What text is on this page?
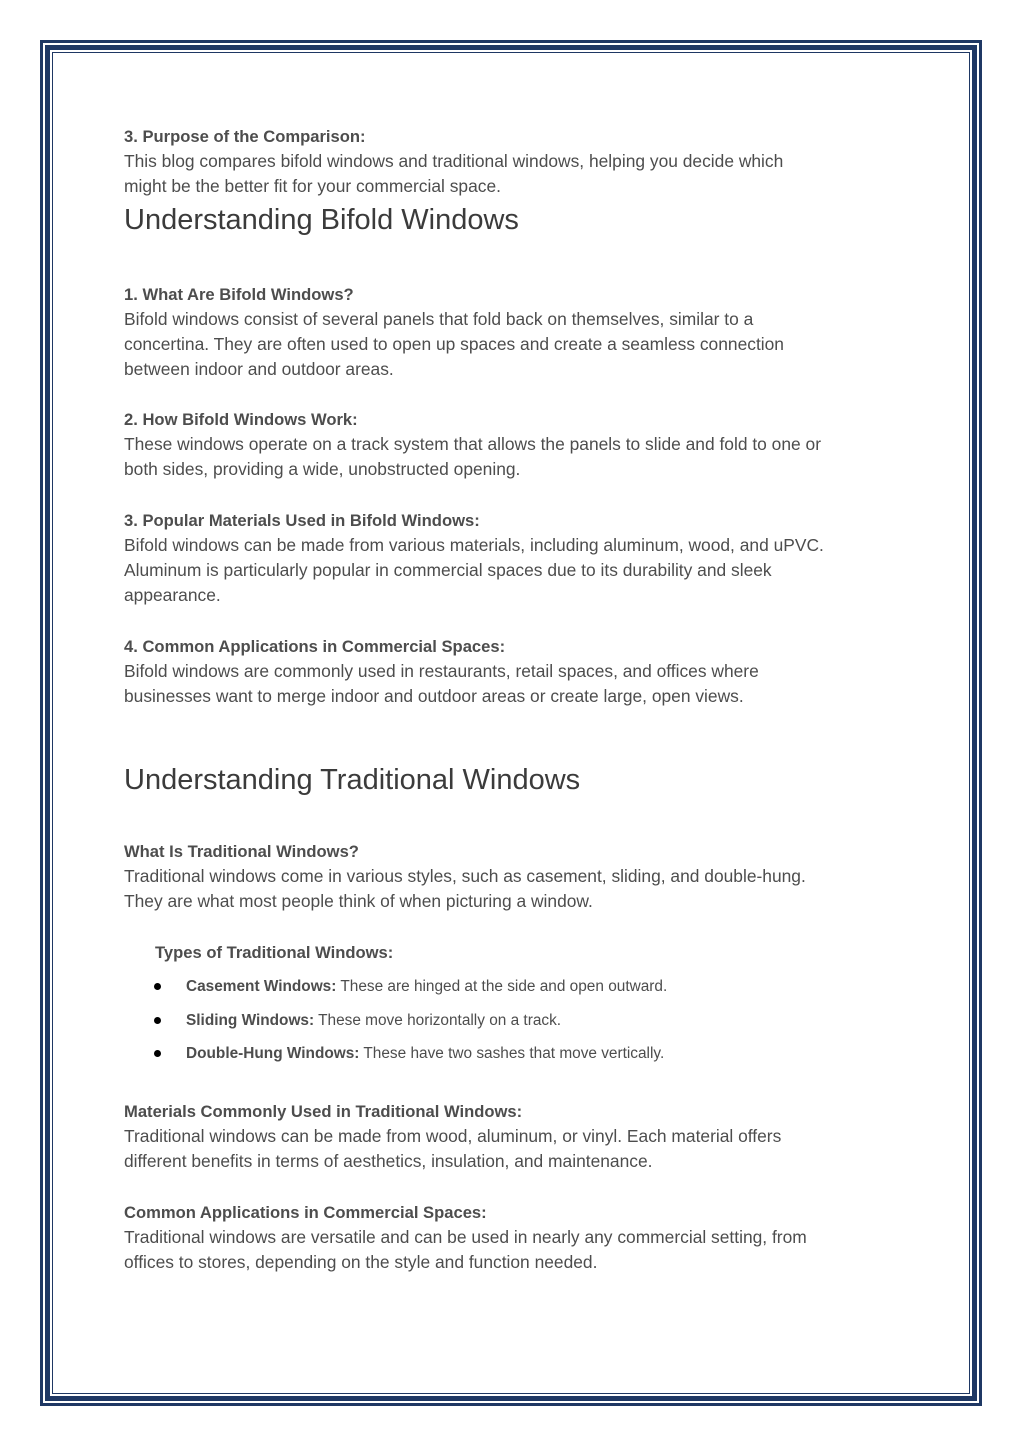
3. Purpose of the Comparison:

This blog compares bifold windows and traditional windows, helping you decide which

might be the better fit for your commercial space.

Understanding Bifold Windows

1. What Are Bifold Windows?

Bifold windows consist of several panels that fold back on themselves, similar to a

concertina. They are often used to open up spaces and create a seamless connection

between indoor and outdoor areas.

2. How Bifold Windows Work:

These windows operate on a track system that allows the panels to slide and fold to one or

both sides, providing a wide, unobstructed opening.

3. Popular Materials Used in Bifold Windows:

Bifold windows can be made from various materials, including aluminum, wood, and uPVC.

Aluminum is particularly popular in commercial spaces due to its durability and sleek

appearance.

4. Common Applications in Commercial Spaces:

Bifold windows are commonly used in restaurants, retail spaces, and offices where

businesses want to merge indoor and outdoor areas or create large, open views.

Understanding Traditional Windows

What Is Traditional Windows?

Traditional windows come in various styles, such as casement, sliding, and double-hung.

They are what most people think of when picturing a window.

Types of Traditional Windows:

Casement Windows: These are hinged at the side and open outward.
Sliding Windows: These move horizontally on a track.
Double-Hung Windows: These have two sashes that move vertically.

Materials Commonly Used in Traditional Windows:

Traditional windows can be made from wood, aluminum, or vinyl. Each material offers

different benefits in terms of aesthetics, insulation, and maintenance.

Common Applications in Commercial Spaces:

Traditional windows are versatile and can be used in nearly any commercial setting, from

offices to stores, depending on the style and function needed.
